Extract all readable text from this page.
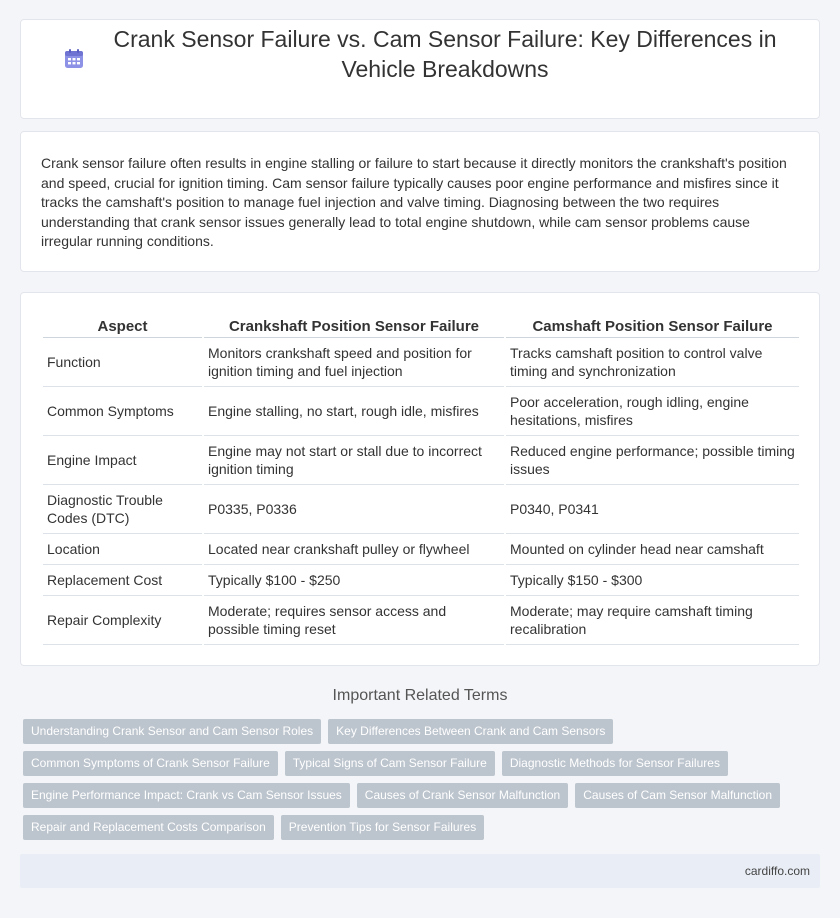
Crank Sensor Failure vs. Cam Sensor Failure: Key Differences in Vehicle Breakdowns

Crank sensor failure often results in engine stalling or failure to start because it directly monitors the crankshaft's position and speed, crucial for ignition timing. Cam sensor failure typically causes poor engine performance and misfires since it tracks the camshaft's position to manage fuel injection and valve timing. Diagnosing between the two requires understanding that crank sensor issues generally lead to total engine shutdown, while cam sensor problems cause irregular running conditions.

Aspect	Crankshaft Position Sensor Failure	Camshaft Position Sensor Failure
Function	Monitors crankshaft speed and position for ignition timing and fuel injection	Tracks camshaft position to control valve timing and synchronization
Common Symptoms	Engine stalling, no start, rough idle, misfires	Poor acceleration, rough idling, engine hesitations, misfires
Engine Impact	Engine may not start or stall due to incorrect ignition timing	Reduced engine performance; possible timing issues
Diagnostic Trouble Codes (DTC)	P0335, P0336	P0340, P0341
Location	Located near crankshaft pulley or flywheel	Mounted on cylinder head near camshaft
Replacement Cost	Typically $100 - $250	Typically $150 - $300
Repair Complexity	Moderate; requires sensor access and possible timing reset	Moderate; may require camshaft timing recalibration
Important Related Terms
Understanding Crank Sensor and Cam Sensor Roles	Key Differences Between Crank and Cam Sensors
Common Symptoms of Crank Sensor Failure	Typical Signs of Cam Sensor Failure	Diagnostic Methods for Sensor Failures
Engine Performance Impact: Crank vs Cam Sensor Issues	Causes of Crank Sensor Malfunction	Causes of Cam Sensor Malfunction
Repair and Replacement Costs Comparison	Prevention Tips for Sensor Failures
cardiffo.com
